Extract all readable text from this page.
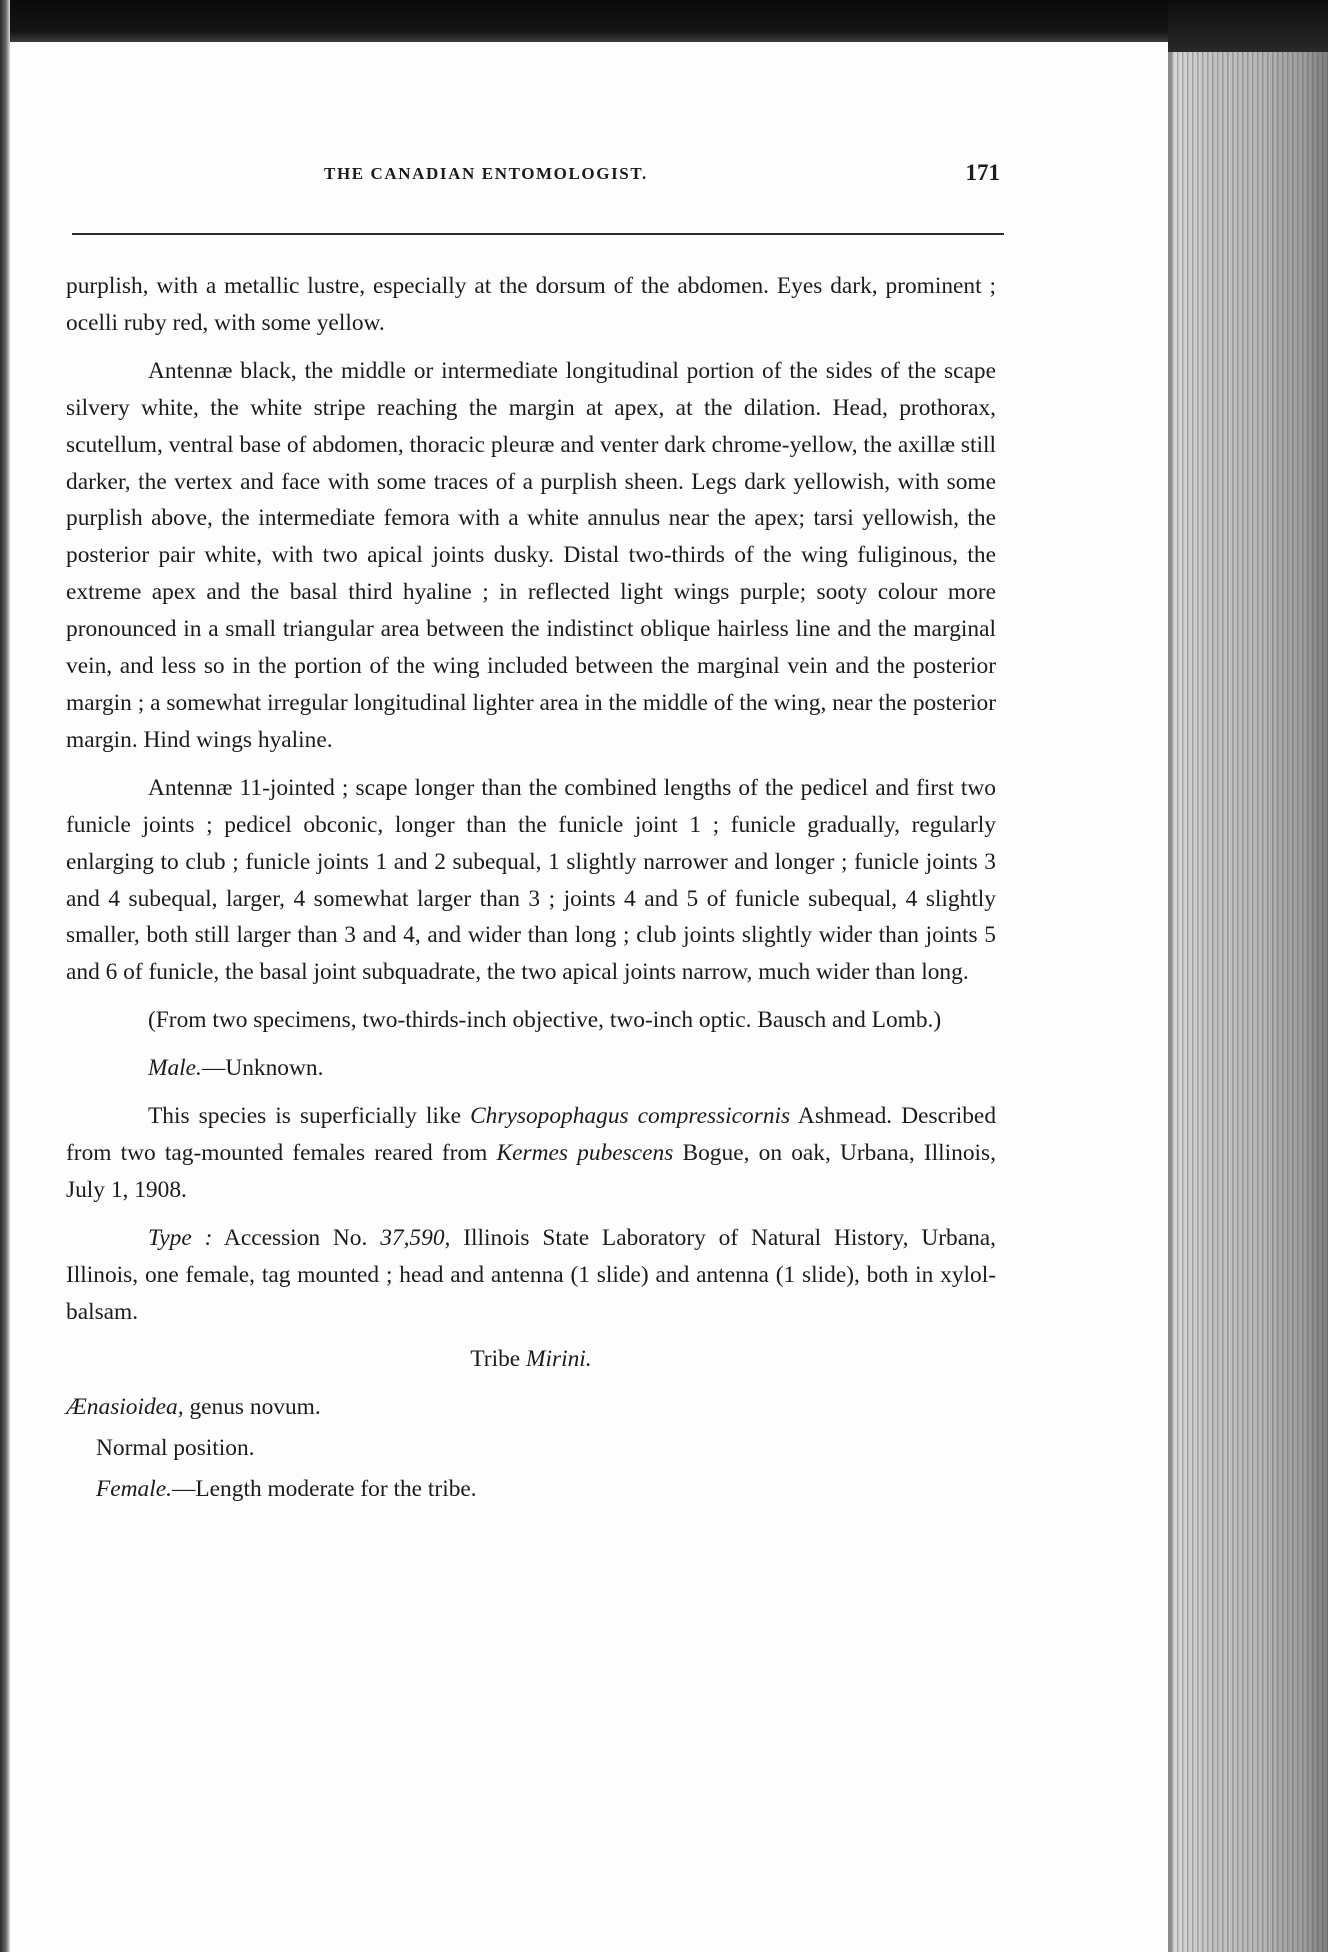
THE CANADIAN ENTOMOLOGIST.	171

purplish, with a metallic lustre, especially at the dorsum of the abdomen. Eyes dark, prominent ; ocelli ruby red, with some yellow.

Antennæ black, the middle or intermediate longitudinal portion of the sides of the scape silvery white, the white stripe reaching the margin at apex, at the dilation. Head, prothorax, scutellum, ventral base of abdomen, thoracic pleuræ and venter dark chrome-yellow, the axillæ still darker, the vertex and face with some traces of a purplish sheen. Legs dark yellowish, with some purplish above, the intermediate femora with a white annulus near the apex; tarsi yellowish, the posterior pair white, with two apical joints dusky. Distal two-thirds of the wing fuliginous, the extreme apex and the basal third hyaline ; in reflected light wings purple; sooty colour more pronounced in a small triangular area between the indistinct oblique hairless line and the marginal vein, and less so in the portion of the wing included between the marginal vein and the posterior margin ; a somewhat irregular longitudinal lighter area in the middle of the wing, near the posterior margin. Hind wings hyaline.

Antennæ 11-jointed ; scape longer than the combined lengths of the pedicel and first two funicle joints ; pedicel obconic, longer than the funicle joint 1 ; funicle gradually, regularly enlarging to club ; funicle joints 1 and 2 subequal, 1 slightly narrower and longer ; funicle joints 3 and 4 subequal, larger, 4 somewhat larger than 3 ; joints 4 and 5 of funicle subequal, 4 slightly smaller, both still larger than 3 and 4, and wider than long ; club joints slightly wider than joints 5 and 6 of funicle, the basal joint subquadrate, the two apical joints narrow, much wider than long.

(From two specimens, two-thirds-inch objective, two-inch optic. Bausch and Lomb.)

Male.—Unknown.

This species is superficially like Chrysopophagus compressicornis Ashmead. Described from two tag-mounted females reared from Kermes pubescens Bogue, on oak, Urbana, Illinois, July 1, 1908.

Type : Accession No. 37,590, Illinois State Laboratory of Natural History, Urbana, Illinois, one female, tag mounted ; head and antenna (1 slide) and antenna (1 slide), both in xylol-balsam.

Tribe Mirini.

Ænasioidea, genus novum.

Normal position.

Female.—Length moderate for the tribe.
